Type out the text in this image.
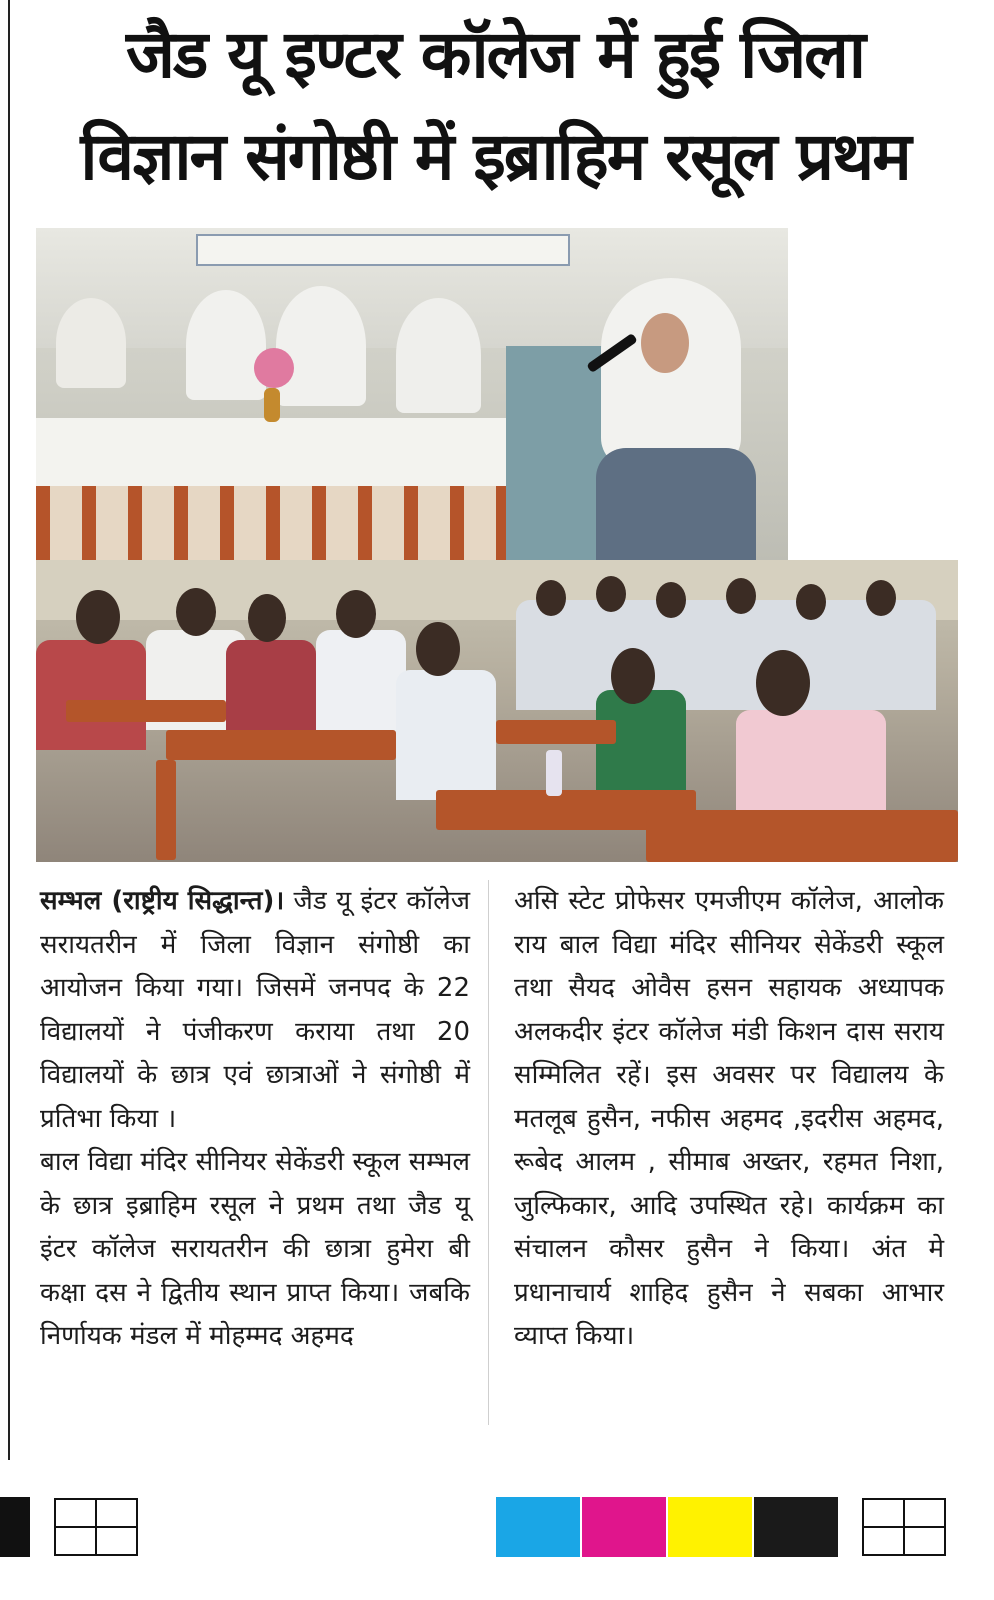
जैड यू इण्टर कॉलेज में हुई जिला
विज्ञान संगोष्ठी में इब्राहिम रसूल प्रथम

सम्भल (राष्ट्रीय सिद्धान्त)। जैड यू इंटर कॉलेज सरायतरीन में जिला विज्ञान संगोष्ठी का आयोजन किया गया। जिसमें जनपद के 22 विद्यालयों ने पंजीकरण कराया तथा 20 विद्यालयों के छात्र एवं छात्राओं ने संगोष्ठी में प्रतिभा किया ।

बाल विद्या मंदिर सीनियर सेकेंडरी स्कूल सम्भल के छात्र इब्राहिम रसूल ने प्रथम तथा जैड यू इंटर कॉलेज सरायतरीन की छात्रा हुमेरा बी कक्षा दस ने द्वितीय स्थान प्राप्त किया। जबकि निर्णायक मंडल में मोहम्मद अहमद

असि स्टेट प्रोफेसर एमजीएम कॉलेज, आलोक राय बाल विद्या मंदिर सीनियर सेकेंडरी स्कूल तथा सैयद ओवैस हसन सहायक अध्यापक अलकदीर इंटर कॉलेज मंडी किशन दास सराय सम्मिलित रहें। इस अवसर पर विद्यालय के मतलूब हुसैन, नफीस अहमद ,इदरीस अहमद, रूबेद आलम , सीमाब अख्तर, रहमत निशा, जुल्फिकार, आदि उपस्थित रहे। कार्यक्रम का संचालन कौसर हुसैन ने किया। अंत मे प्रधानाचार्य शाहिद हुसैन ने सबका आभार व्याप्त किया।
